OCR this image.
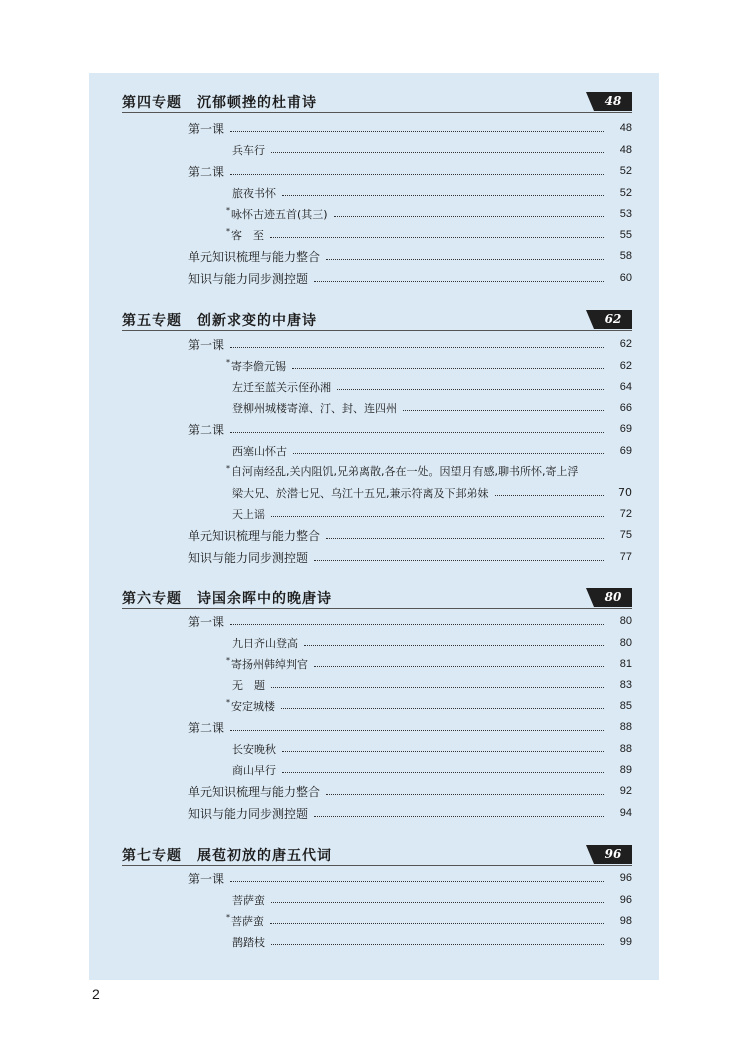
第四专题　沉郁顿挫的杜甫诗	48
第一课	48
兵车行	48
第二课	52
旅夜书怀	52
* 咏怀古迹五首(其三)	53
* 客　至	55
单元知识梳理与能力整合	58
知识与能力同步测控题	60
第五专题　创新求变的中唐诗	62
第一课	62
* 寄李儋元锡	62
左迁至蓝关示侄孙湘	64
登柳州城楼寄漳、汀、封、连四州	66
第二课	69
西塞山怀古	69
*自河南经乱,关内阻饥,兄弟离散,各在一处。因望月有感,聊书所怀,寄上浮
梁大兄、於潜七兄、乌江十五兄,兼示符离及下邽弟妹	70
天上谣	72
单元知识梳理与能力整合	75
知识与能力同步测控题	77
第六专题　诗国余晖中的晚唐诗	80
第一课	80
九日齐山登高	80
* 寄扬州韩绰判官	81
无　题	83
* 安定城楼	85
第二课	88
长安晚秋	88
商山早行	89
单元知识梳理与能力整合	92
知识与能力同步测控题	94
第七专题　展苞初放的唐五代词	96
第一课	96
菩萨蛮	96
* 菩萨蛮	98
鹊踏枝	99
2
